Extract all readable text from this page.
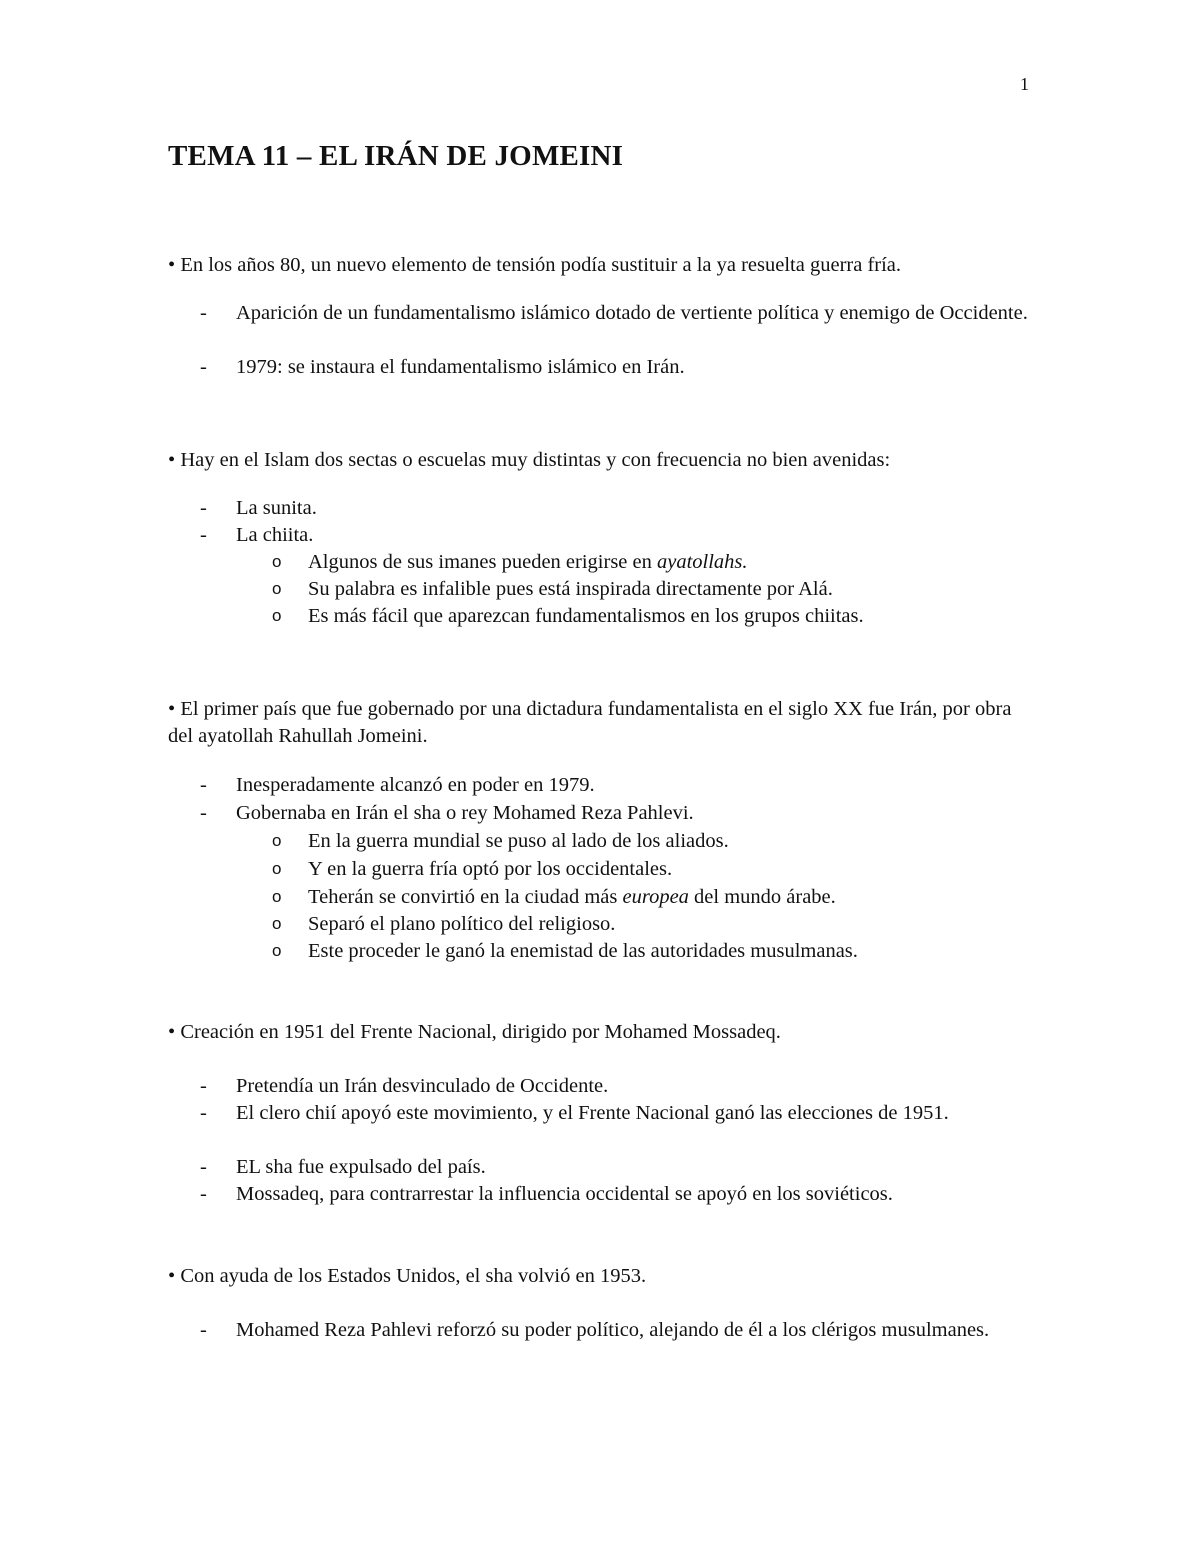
1
TEMA 11 – EL IRÁN DE JOMEINI

• En los años 80, un nuevo elemento de tensión podía sustituir a la ya resuelta guerra fría.

- Aparición de un fundamentalismo islámico dotado de vertiente política y enemigo de Occidente.
- 1979: se instaura el fundamentalismo islámico en Irán.

• Hay en el Islam dos sectas o escuelas muy distintas y con frecuencia no bien avenidas:

- La sunita.
- La chiita.
o Algunos de sus imanes pueden erigirse en ayatollahs.
o Su palabra es infalible pues está inspirada directamente por Alá.
o Es más fácil que aparezcan fundamentalismos en los grupos chiitas.

• El primer país que fue gobernado por una dictadura fundamentalista en el siglo XX fue Irán, por obra del ayatollah Rahullah Jomeini.

- Inesperadamente alcanzó en poder en 1979.
- Gobernaba en Irán el sha o rey Mohamed Reza Pahlevi.
o En la guerra mundial se puso al lado de los aliados.
o Y en la guerra fría optó por los occidentales.
o Teherán se convirtió en la ciudad más europea del mundo árabe.
o Separó el plano político del religioso.
o Este proceder le ganó la enemistad de las autoridades musulmanas.

• Creación en 1951 del Frente Nacional, dirigido por Mohamed Mossadeq.

- Pretendía un Irán desvinculado de Occidente.
- El clero chií apoyó este movimiento, y el Frente Nacional ganó las elecciones de 1951.
- EL sha fue expulsado del país.
- Mossadeq, para contrarrestar la influencia occidental se apoyó en los soviéticos.

• Con ayuda de los Estados Unidos, el sha volvió en 1953.

- Mohamed Reza Pahlevi reforzó su poder político, alejando de él a los clérigos musulmanes.
